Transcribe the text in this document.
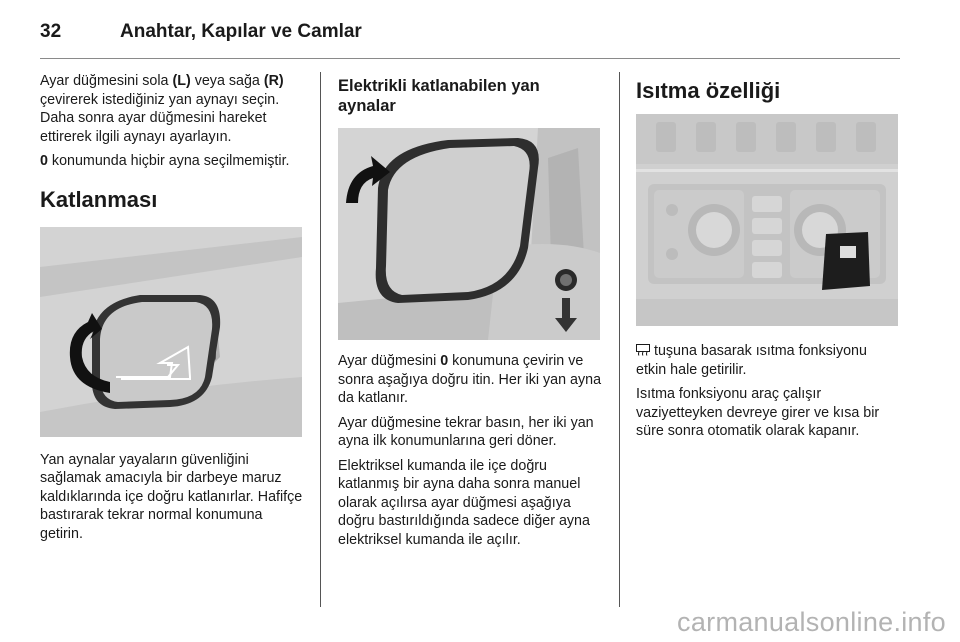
32	Anahtar, Kapılar ve Camlar

Ayar düğmesini sola (L) veya sağa (R) çevirerek istediğiniz yan aynayı seçin. Daha sonra ayar düğmesini hareket ettirerek ilgili aynayı ayarlayın.

0 konumunda hiçbir ayna seçilmemiştir.

Katlanması

Yan aynalar yayaların güvenliğini sağlamak amacıyla bir darbeye maruz kaldıklarında içe doğru katlanırlar. Hafifçe bastırarak tekrar normal konumuna getirin.

Elektrikli katlanabilen yan aynalar

Ayar düğmesini 0 konumuna çevirin ve sonra aşağıya doğru itin. Her iki yan ayna da katlanır.

Ayar düğmesine tekrar basın, her iki yan ayna ilk konumunlarına geri döner.

Elektriksel kumanda ile içe doğru katlanmış bir ayna daha sonra manuel olarak açılırsa ayar düğmesi aşağıya doğru bastırıldığında sadece diğer ayna elektriksel kumanda ile açılır.

Isıtma özelliği

tuşuna basarak ısıtma fonksiyonu etkin hale getirilir.

Isıtma fonksiyonu araç çalışır vaziyetteyken devreye girer ve kısa bir süre sonra otomatik olarak kapanır.

carmanualsonline.info
